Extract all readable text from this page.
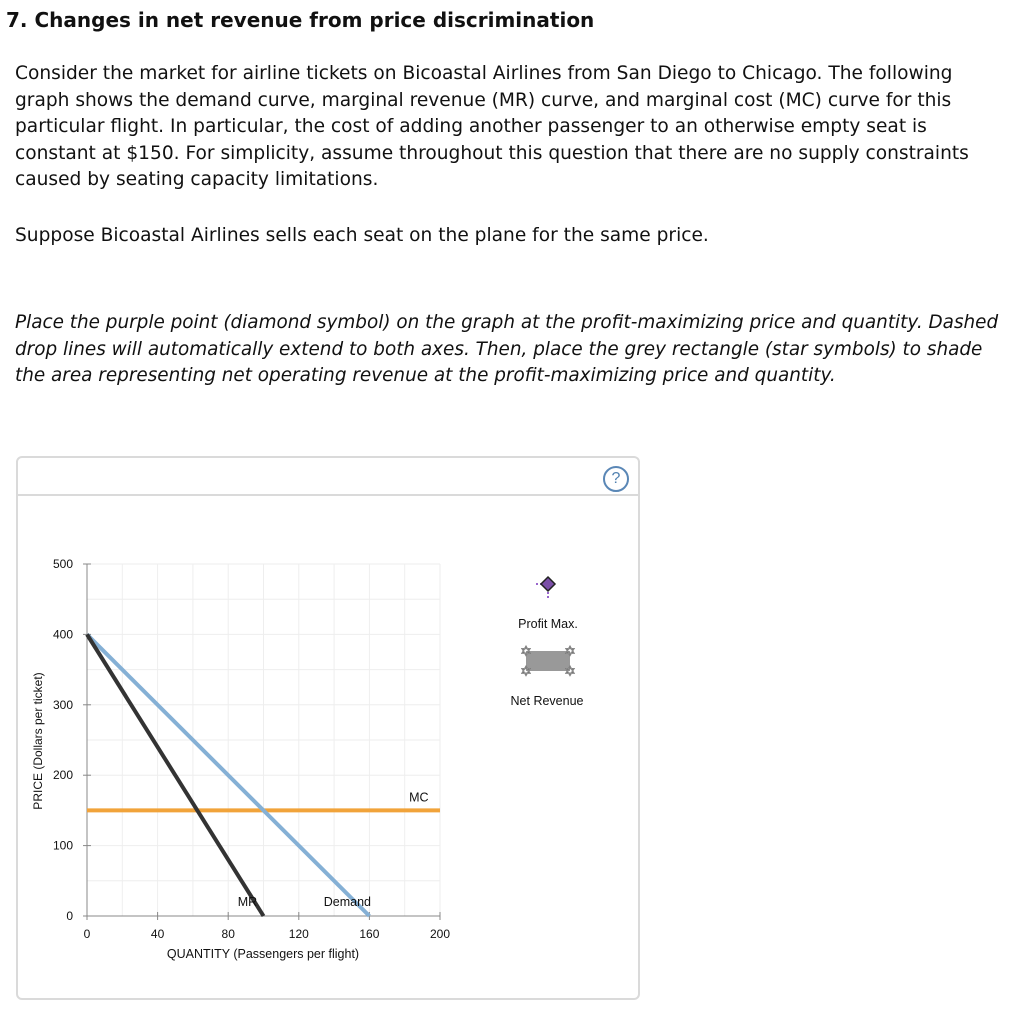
7. Changes in net revenue from price discrimination

Consider the market for airline tickets on Bicoastal Airlines from San Diego to Chicago. The following graph shows the demand curve, marginal revenue (MR) curve, and marginal cost (MC) curve for this particular flight. In particular, the cost of adding another passenger to an otherwise empty seat is constant at $150. For simplicity, assume throughout this question that there are no supply constraints caused by seating capacity limitations.

Suppose Bicoastal Airlines sells each seat on the plane for the same price.

Place the purple point (diamond symbol) on the graph at the profit-maximizing price and quantity. Dashed drop lines will automatically extend to both axes. Then, place the grey rectangle (star symbols) to shade the area representing net operating revenue at the profit-maximizing price and quantity.

?
0	40	80	120	160	200
0
100
200
300
400
500
MC
MR	Demand
QUANTITY (Passengers per flight)
PRICE (Dollars per ticket)
✡ ✡
✡ ✡
Profit Max.
Net Revenue
